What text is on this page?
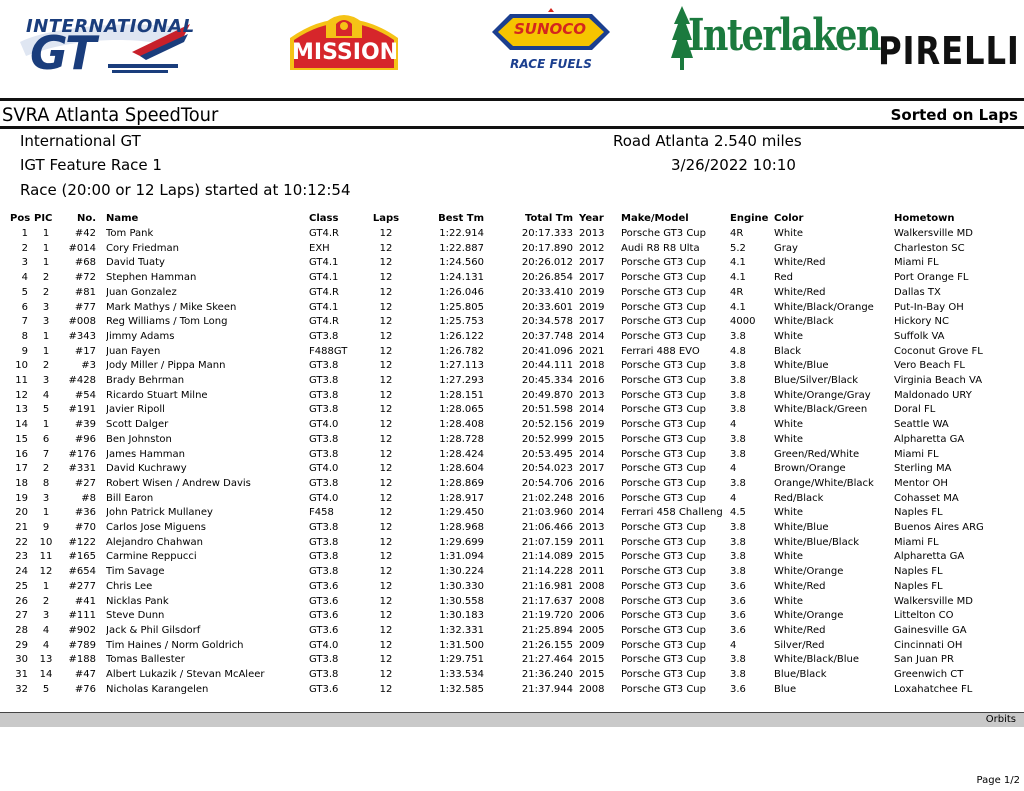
INTERNATIONAL
GT	MISSION
SUNOCO
RACE FUELS
Interlaken
PIRELLI
SVRA Atlanta SpeedTour	Sorted on Laps
International GT
IGT Feature Race 1
Race (20:00 or 12 Laps) started at 10:12:54
Road Atlanta 2.540 miles
3/26/2022 10:10
Pos	PIC	No.	Name	Class	Laps	Best Tm	Total Tm	Year	Make/Model	Engine	Color	Hometown
1	1	#42	Tom Pank	GT4.R	12	1:22.914	20:17.333	2013	Porsche GT3 Cup	4R	White	Walkersville MD
2	1	#014	Cory Friedman	EXH	12	1:22.887	20:17.890	2012	Audi R8 R8 Ulta	5.2	Gray	Charleston SC
3	1	#68	David Tuaty	GT4.1	12	1:24.560	20:26.012	2017	Porsche GT3 Cup	4.1	White/Red	Miami FL
4	2	#72	Stephen Hamman	GT4.1	12	1:24.131	20:26.854	2017	Porsche GT3 Cup	4.1	Red	Port Orange FL
5	2	#81	Juan Gonzalez	GT4.R	12	1:26.046	20:33.410	2019	Porsche GT3 Cup	4R	White/Red	Dallas TX
6	3	#77	Mark Mathys / Mike Skeen	GT4.1	12	1:25.805	20:33.601	2019	Porsche GT3 Cup	4.1	White/Black/Orange	Put-In-Bay OH
7	3	#008	Reg Williams / Tom Long	GT4.R	12	1:25.753	20:34.578	2017	Porsche GT3 Cup	4000	White/Black	Hickory NC
8	1	#343	Jimmy Adams	GT3.8	12	1:26.122	20:37.748	2014	Porsche GT3 Cup	3.8	White	Suffolk VA
9	1	#17	Juan Fayen	F488GT	12	1:26.782	20:41.096	2021	Ferrari 488 EVO	4.8	Black	Coconut Grove FL
10	2	#3	Jody Miller / Pippa Mann	GT3.8	12	1:27.113	20:44.111	2018	Porsche GT3 Cup	3.8	White/Blue	Vero Beach FL
11	3	#428	Brady Behrman	GT3.8	12	1:27.293	20:45.334	2016	Porsche GT3 Cup	3.8	Blue/Silver/Black	Virginia Beach VA
12	4	#54	Ricardo Stuart Milne	GT3.8	12	1:28.151	20:49.870	2013	Porsche GT3 Cup	3.8	White/Orange/Gray	Maldonado URY
13	5	#191	Javier Ripoll	GT3.8	12	1:28.065	20:51.598	2014	Porsche GT3 Cup	3.8	White/Black/Green	Doral FL
14	1	#39	Scott Dalger	GT4.0	12	1:28.408	20:52.156	2019	Porsche GT3 Cup	4	White	Seattle WA
15	6	#96	Ben Johnston	GT3.8	12	1:28.728	20:52.999	2015	Porsche GT3 Cup	3.8	White	Alpharetta GA
16	7	#176	James Hamman	GT3.8	12	1:28.424	20:53.495	2014	Porsche GT3 Cup	3.8	Green/Red/White	Miami FL
17	2	#331	David Kuchrawy	GT4.0	12	1:28.604	20:54.023	2017	Porsche GT3 Cup	4	Brown/Orange	Sterling MA
18	8	#27	Robert Wisen / Andrew Davis	GT3.8	12	1:28.869	20:54.706	2016	Porsche GT3 Cup	3.8	Orange/White/Black	Mentor OH
19	3	#8	Bill Earon	GT4.0	12	1:28.917	21:02.248	2016	Porsche GT3 Cup	4	Red/Black	Cohasset MA
20	1	#36	John Patrick Mullaney	F458	12	1:29.450	21:03.960	2014	Ferrari 458 Challeng	4.5	White	Naples FL
21	9	#70	Carlos Jose Miguens	GT3.8	12	1:28.968	21:06.466	2013	Porsche GT3 Cup	3.8	White/Blue	Buenos Aires ARG
22	10	#122	Alejandro Chahwan	GT3.8	12	1:29.699	21:07.159	2011	Porsche GT3 Cup	3.8	White/Blue/Black	Miami FL
23	11	#165	Carmine Reppucci	GT3.8	12	1:31.094	21:14.089	2015	Porsche GT3 Cup	3.8	White	Alpharetta GA
24	12	#654	Tim Savage	GT3.8	12	1:30.224	21:14.228	2011	Porsche GT3 Cup	3.8	White/Orange	Naples FL
25	1	#277	Chris Lee	GT3.6	12	1:30.330	21:16.981	2008	Porsche GT3 Cup	3.6	White/Red	Naples FL
26	2	#41	Nicklas Pank	GT3.6	12	1:30.558	21:17.637	2008	Porsche GT3 Cup	3.6	White	Walkersville MD
27	3	#111	Steve Dunn	GT3.6	12	1:30.183	21:19.720	2006	Porsche GT3 Cup	3.6	White/Orange	Littelton CO
28	4	#902	Jack & Phil Gilsdorf	GT3.6	12	1:32.331	21:25.894	2005	Porsche GT3 Cup	3.6	White/Red	Gainesville GA
29	4	#789	Tim Haines / Norm Goldrich	GT4.0	12	1:31.500	21:26.155	2009	Porsche GT3 Cup	4	Silver/Red	Cincinnati OH
30	13	#188	Tomas Ballester	GT3.8	12	1:29.751	21:27.464	2015	Porsche GT3 Cup	3.8	White/Black/Blue	San Juan PR
31	14	#47	Albert Lukazik / Stevan McAleer	GT3.8	12	1:33.534	21:36.240	2015	Porsche GT3 Cup	3.8	Blue/Black	Greenwich CT
32	5	#76	Nicholas Karangelen	GT3.6	12	1:32.585	21:37.944	2008	Porsche GT3 Cup	3.6	Blue	Loxahatchee FL
Orbits
Page 1/2
